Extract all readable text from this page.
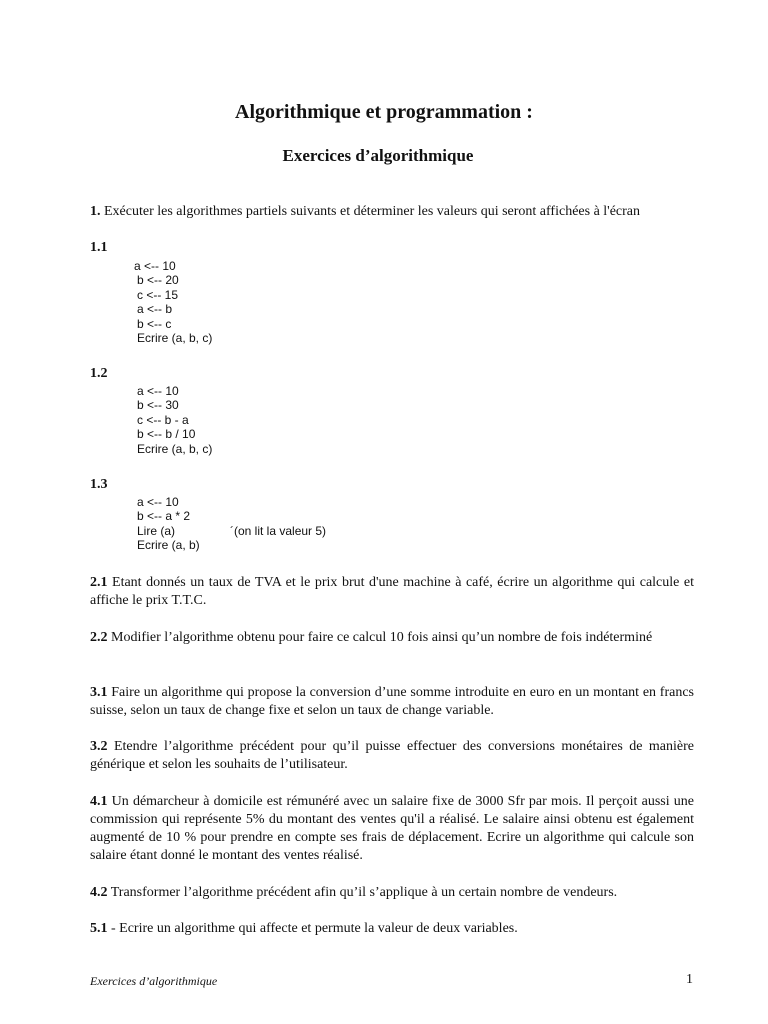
Algorithmique et programmation :
Exercices d’algorithmique
1. Exécuter les algorithmes partiels suivants et déterminer les valeurs qui seront affichées à l'écran
1.1
a <-- 10
b <-- 20
c <-- 15
a <-- b
b <-- c
Ecrire (a, b, c)
1.2
a <-- 10
b <-- 30
c <-- b - a
b <-- b / 10
Ecrire (a, b, c)
1.3
a <-- 10
b <-- a * 2
Lire (a)
Ecrire (a, b)
´(on lit la valeur 5)
2.1 Etant donnés un taux de TVA et le prix brut d'une machine à café, écrire un algorithme qui calcule et affiche le prix T.T.C.
2.2 Modifier l’algorithme obtenu pour faire ce calcul 10 fois ainsi qu’un nombre de fois indéterminé
3.1 Faire un algorithme qui propose la conversion d’une somme introduite en euro en un montant en francs suisse, selon un taux de change fixe et selon un taux de change variable.
3.2 Etendre l’algorithme précédent pour qu’il puisse effectuer des conversions monétaires de manière générique et selon les souhaits de l’utilisateur.
4.1 Un démarcheur à domicile est rémunéré avec un salaire fixe de 3000 Sfr par mois. Il perçoit aussi une commission qui représente 5% du montant des ventes qu'il a réalisé. Le salaire ainsi obtenu est également augmenté de 10 % pour prendre en compte ses frais de déplacement. Ecrire un algorithme qui calcule son salaire étant donné le montant des ventes réalisé.
4.2 Transformer l’algorithme précédent afin qu’il s’applique à un certain nombre de vendeurs.
5.1 - Ecrire un algorithme qui affecte et permute la valeur de deux variables.
Exercices d’algorithmique	1
